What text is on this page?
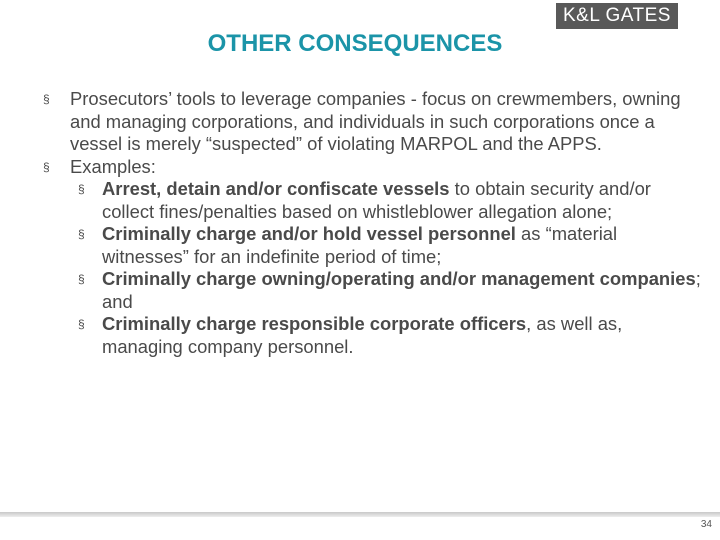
K&L GATES
OTHER CONSEQUENCES
§ Prosecutors’ tools to leverage companies - focus on crewmembers, owning and managing corporations, and individuals in such corporations once a vessel is merely “suspected” of violating MARPOL and the APPS.
§ Examples:
§ Arrest, detain and/or confiscate vessels to obtain security and/or collect fines/penalties based on whistleblower allegation alone;
§ Criminally charge and/or hold vessel personnel as “material witnesses” for an indefinite period of time;
§ Criminally charge owning/operating and/or management companies; and
§ Criminally charge responsible corporate officers, as well as, managing company personnel.
34
